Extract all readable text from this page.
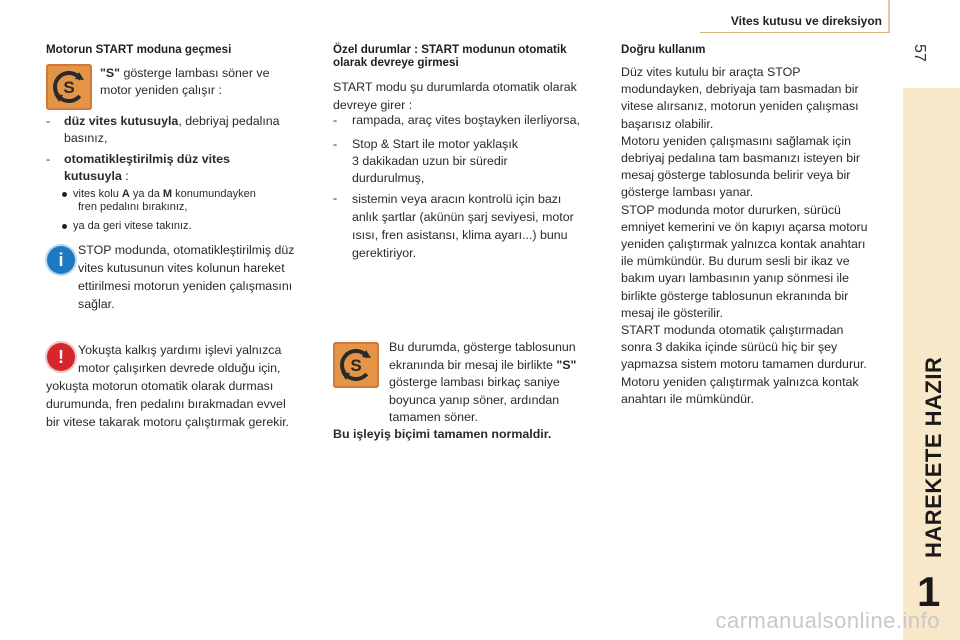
Vites kutusu ve direksiyon
57
HAREKETE HAZIR
1
Motorun START moduna geçmesi
S

"S" gösterge lambası söner ve

motor yeniden çalışır :

- düz vites kutusuyla, debriyaj pedalına

basınız,

- otomatikleştirilmiş düz vites

kutusuyla :

vites kolu A ya da M konumundayken
fren pedalını bırakınız,
ya da geri vitese takınız.
i	STOP modunda, otomatikleştirilmiş düz

vites kutusunun vites kolunun hareket

ettirilmesi motorun yeniden çalışmasını

sağlar.

!	Yokuşta kalkış yardımı işlevi yalnızca

motor çalışırken devrede olduğu için,

yokuşta motorun otomatik olarak durması

durumunda, fren pedalını bırakmadan evvel

bir vitese takarak motoru çalıştırmak gerekir.

Özel durumlar : START modunun otomatik
olarak devreye girmesi

START modu şu durumlarda otomatik olarak

devreye girer :

- rampada, araç vites boştayken ilerliyorsa,
- Stop & Start ile motor yaklaşık

3 dakikadan uzun bir süredir

durdurulmuş,

- sistemin veya aracın kontrolü için bazı

anlık şartlar (akünün şarj seviyesi, motor

ısısı, fren asistansı, klima ayarı...) bunu

gerektiriyor.

S

Bu durumda, gösterge tablosunun

ekranında bir mesaj ile birlikte "S"

gösterge lambası birkaç saniye

boyunca yanıp söner, ardından

tamamen söner.

Bu işleyiş biçimi tamamen normaldir.
Doğru kullanım

Düz vites kutulu bir araçta STOP

modundayken, debriyaja tam basmadan bir

vitese alırsanız, motorun yeniden çalışması

başarısız olabilir.

Motoru yeniden çalışmasını sağlamak için

debriyaj pedalına tam basmanızı isteyen bir

mesaj gösterge tablosunda belirir veya bir

gösterge lambası yanar.

STOP modunda motor dururken, sürücü

emniyet kemerini ve ön kapıyı açarsa motoru

yeniden çalıştırmak yalnızca kontak anahtarı

ile mümkündür. Bu durum sesli bir ikaz ve

bakım uyarı lambasının yanıp sönmesi ile

birlikte gösterge tablosunun ekranında bir

mesaj ile gösterilir.

START modunda otomatik çalıştırmadan

sonra 3 dakika içinde sürücü hiç bir şey

yapmazsa sistem motoru tamamen durdurur.

Motoru yeniden çalıştırmak yalnızca kontak

anahtarı ile mümkündür.

carmanualsonline.info
